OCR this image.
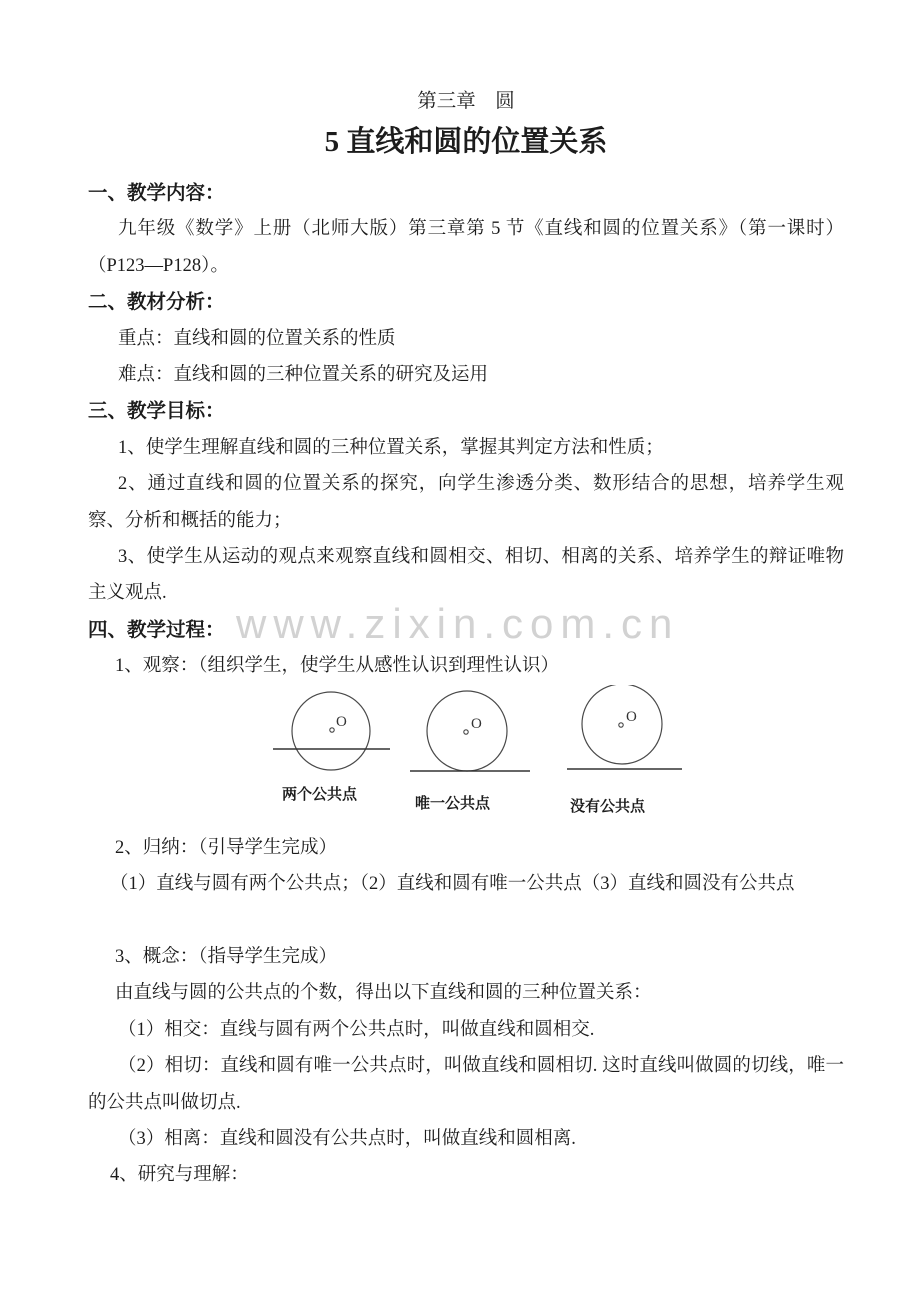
www.zixin.com.cn
第三章　圆
5 直线和圆的位置关系
一、教学内容：
九年级《数学》上册（北师大版）第三章第 5 节《直线和圆的位置关系》（第一课时）（P123—P128）。
二、教材分析：
重点：直线和圆的位置关系的性质
难点：直线和圆的三种位置关系的研究及运用
三、教学目标：
1、使学生理解直线和圆的三种位置关系，掌握其判定方法和性质；
2、通过直线和圆的位置关系的探究，向学生渗透分类、数形结合的思想，培养学生观察、分析和概括的能力；
3、使学生从运动的观点来观察直线和圆相交、相切、相离的关系、培养学生的辩证唯物主义观点.
四、教学过程：
1、观察：（组织学生，使学生从感性认识到理性认识）
O	O	O
两个公共点
唯一公共点	没有公共点
2、归纳：（引导学生完成）
（1）直线与圆有两个公共点；（2）直线和圆有唯一公共点（3）直线和圆没有公共点
3、概念：（指导学生完成）
由直线与圆的公共点的个数，得出以下直线和圆的三种位置关系：
（1）相交：直线与圆有两个公共点时，叫做直线和圆相交.
（2）相切：直线和圆有唯一公共点时，叫做直线和圆相切. 这时直线叫做圆的切线，唯一的公共点叫做切点.
（3）相离：直线和圆没有公共点时，叫做直线和圆相离.
4、研究与理解：
